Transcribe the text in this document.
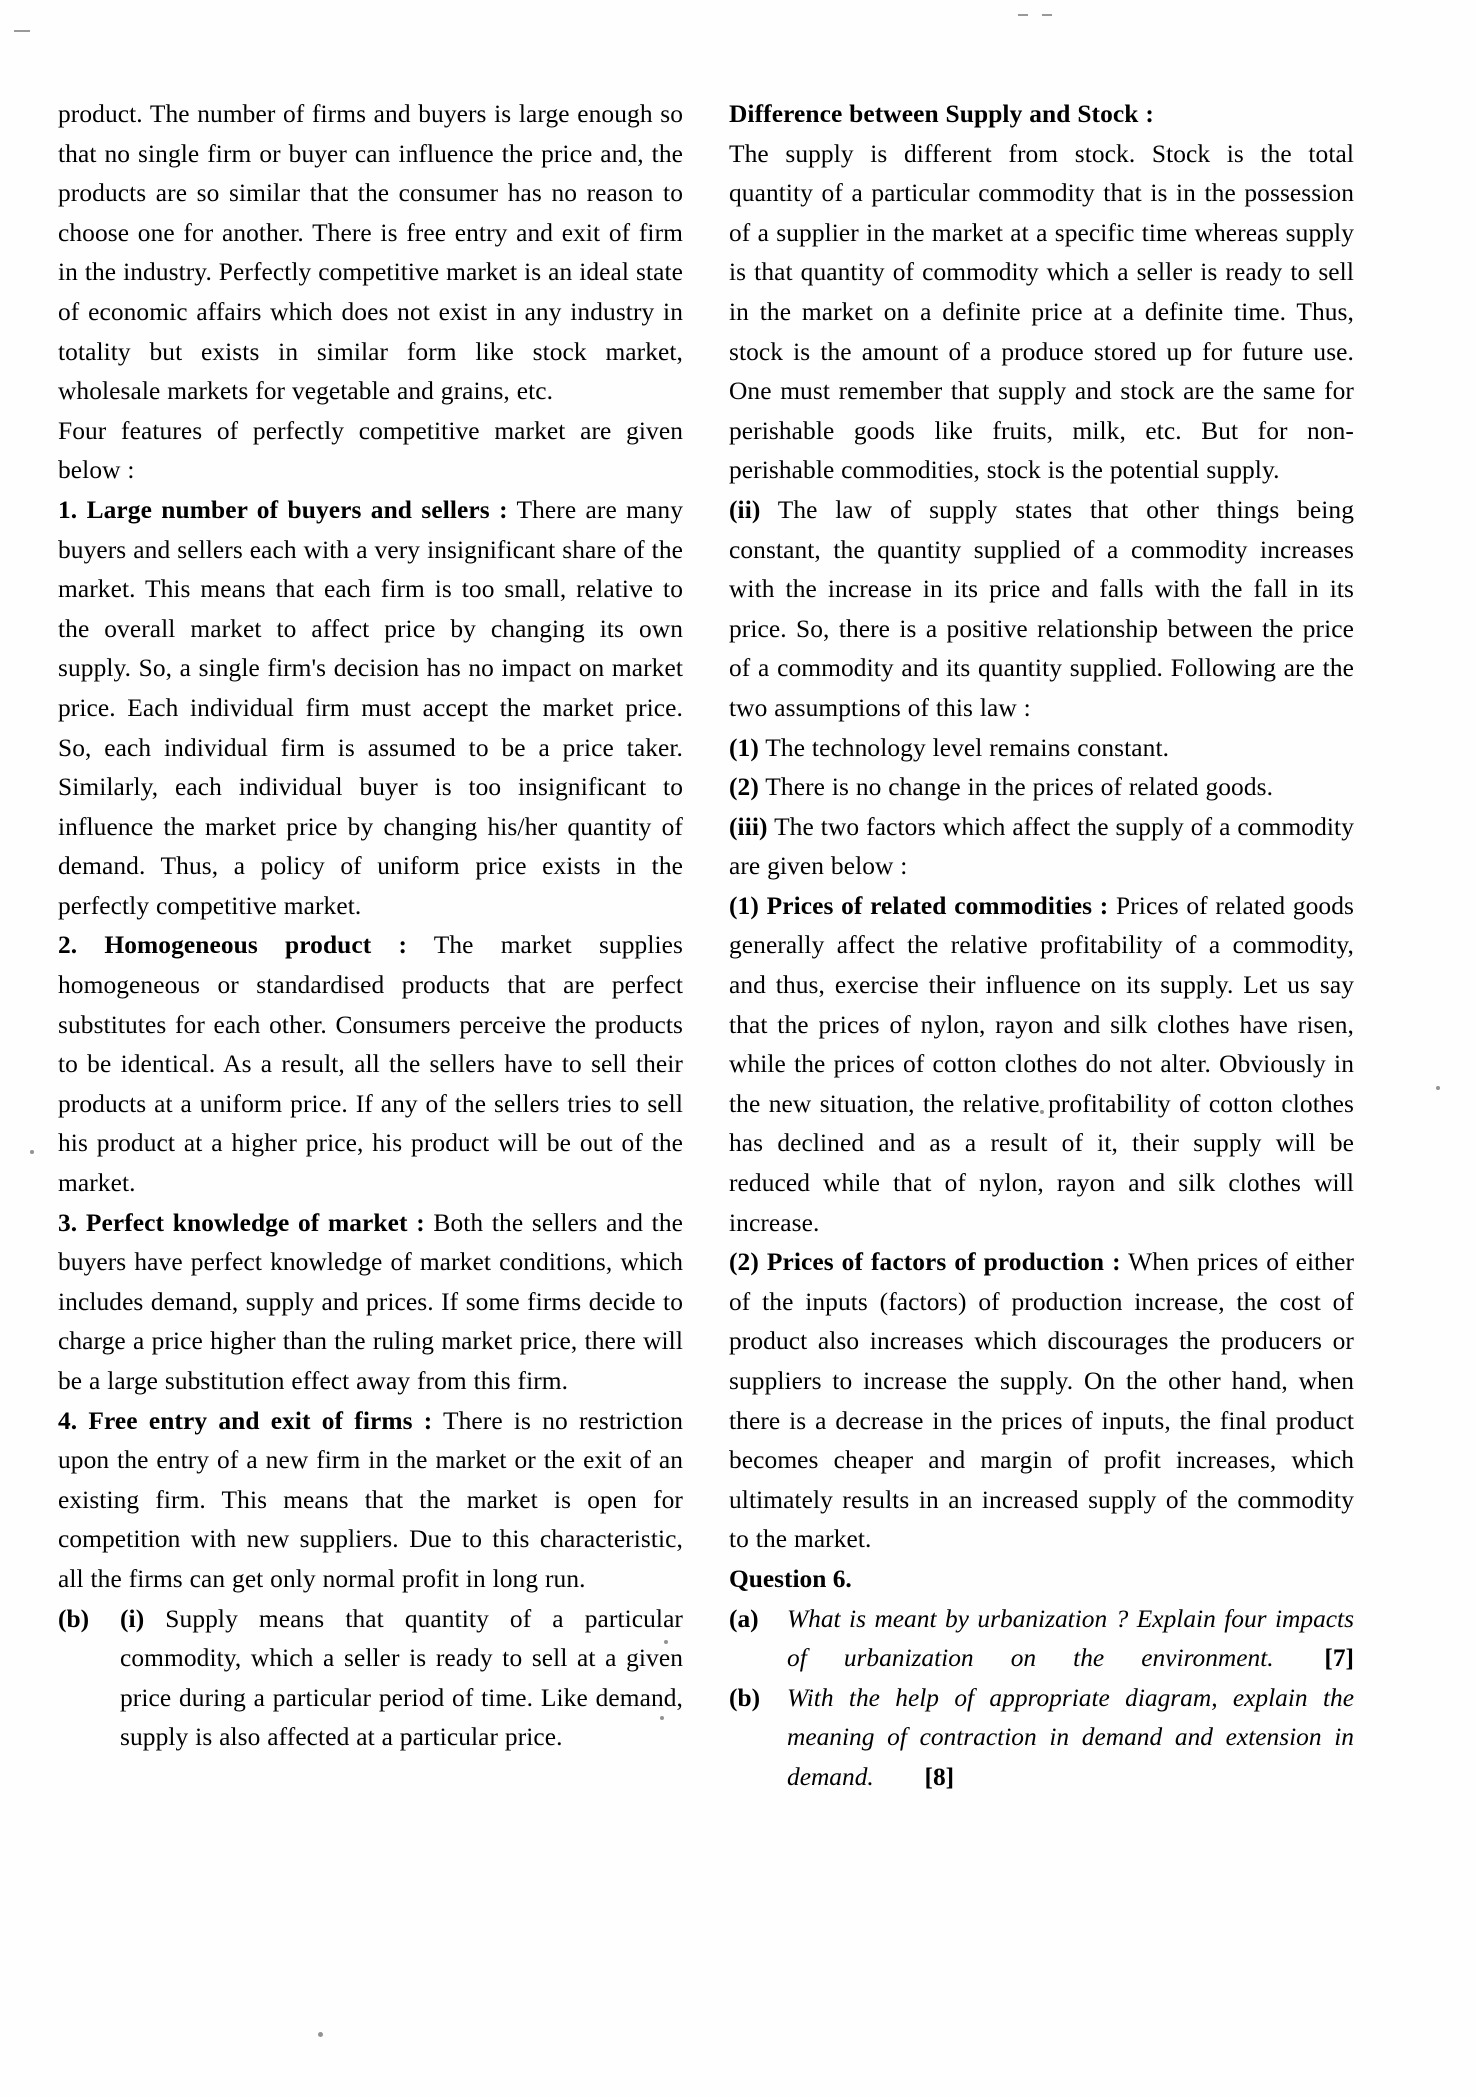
product. The number of firms and buyers is large enough so that no single firm or buyer can influence the price and, the products are so similar that the consumer has no reason to choose one for another. There is free entry and exit of firm in the industry. Perfectly competitive market is an ideal state of economic affairs which does not exist in any industry in totality but exists in similar form like stock market, wholesale markets for vegetable and grains, etc.

Four features of perfectly competitive market are given below :

1. Large number of buyers and sellers : There are many buyers and sellers each with a very insignificant share of the market. This means that each firm is too small, relative to the overall market to affect price by changing its own supply. So, a single firm's decision has no impact on market price. Each individual firm must accept the market price. So, each individual firm is assumed to be a price taker. Similarly, each individual buyer is too insignificant to influence the market price by changing his/her quantity of demand. Thus, a policy of uniform price exists in the perfectly competitive market.

2. Homogeneous product : The market supplies homogeneous or standardised products that are perfect substitutes for each other. Consumers perceive the products to be identical. As a result, all the sellers have to sell their products at a uniform price. If any of the sellers tries to sell his product at a higher price, his product will be out of the market.

3. Perfect knowledge of market : Both the sellers and the buyers have perfect knowledge of market conditions, which includes demand, supply and prices. If some firms decide to charge a price higher than the ruling market price, there will be a large substitution effect away from this firm.

4. Free entry and exit of firms : There is no restriction upon the entry of a new firm in the market or the exit of an existing firm. This means that the market is open for competition with new suppliers. Due to this characteristic, all the firms can get only normal profit in long run.

(b)	(i) Supply means that quantity of a particular commodity, which a seller is ready to sell at a given price during a particular period of time. Like demand, supply is also affected at a particular price.

Difference between Supply and Stock :

The supply is different from stock. Stock is the total quantity of a particular commodity that is in the possession of a supplier in the market at a specific time whereas supply is that quantity of commodity which a seller is ready to sell in the market on a definite price at a definite time. Thus, stock is the amount of a produce stored up for future use. One must remember that supply and stock are the same for perishable goods like fruits, milk, etc. But for non-perishable commodities, stock is the potential supply.

(ii) The law of supply states that other things being constant, the quantity supplied of a commodity increases with the increase in its price and falls with the fall in its price. So, there is a positive relationship between the price of a commodity and its quantity supplied. Following are the two assumptions of this law :

(1) The technology level remains constant.

(2) There is no change in the prices of related goods.

(iii) The two factors which affect the supply of a commodity are given below :

(1) Prices of related commodities : Prices of related goods generally affect the relative profitability of a commodity, and thus, exercise their influence on its supply. Let us say that the prices of nylon, rayon and silk clothes have risen, while the prices of cotton clothes do not alter. Obviously in the new situation, the relative profitability of cotton clothes has declined and as a result of it, their supply will be reduced while that of nylon, rayon and silk clothes will increase.

(2) Prices of factors of production : When prices of either of the inputs (factors) of production increase, the cost of product also increases which discourages the producers or suppliers to increase the supply. On the other hand, when there is a decrease in the prices of inputs, the final product becomes cheaper and margin of profit increases, which ultimately results in an increased supply of the commodity to the market.

Question 6.

(a)	What is meant by urbanization ? Explain four impacts of urbanization on the environment.  [7]

(b)	With the help of appropriate diagram, explain the meaning of contraction in demand and extension in demand.  [8]
